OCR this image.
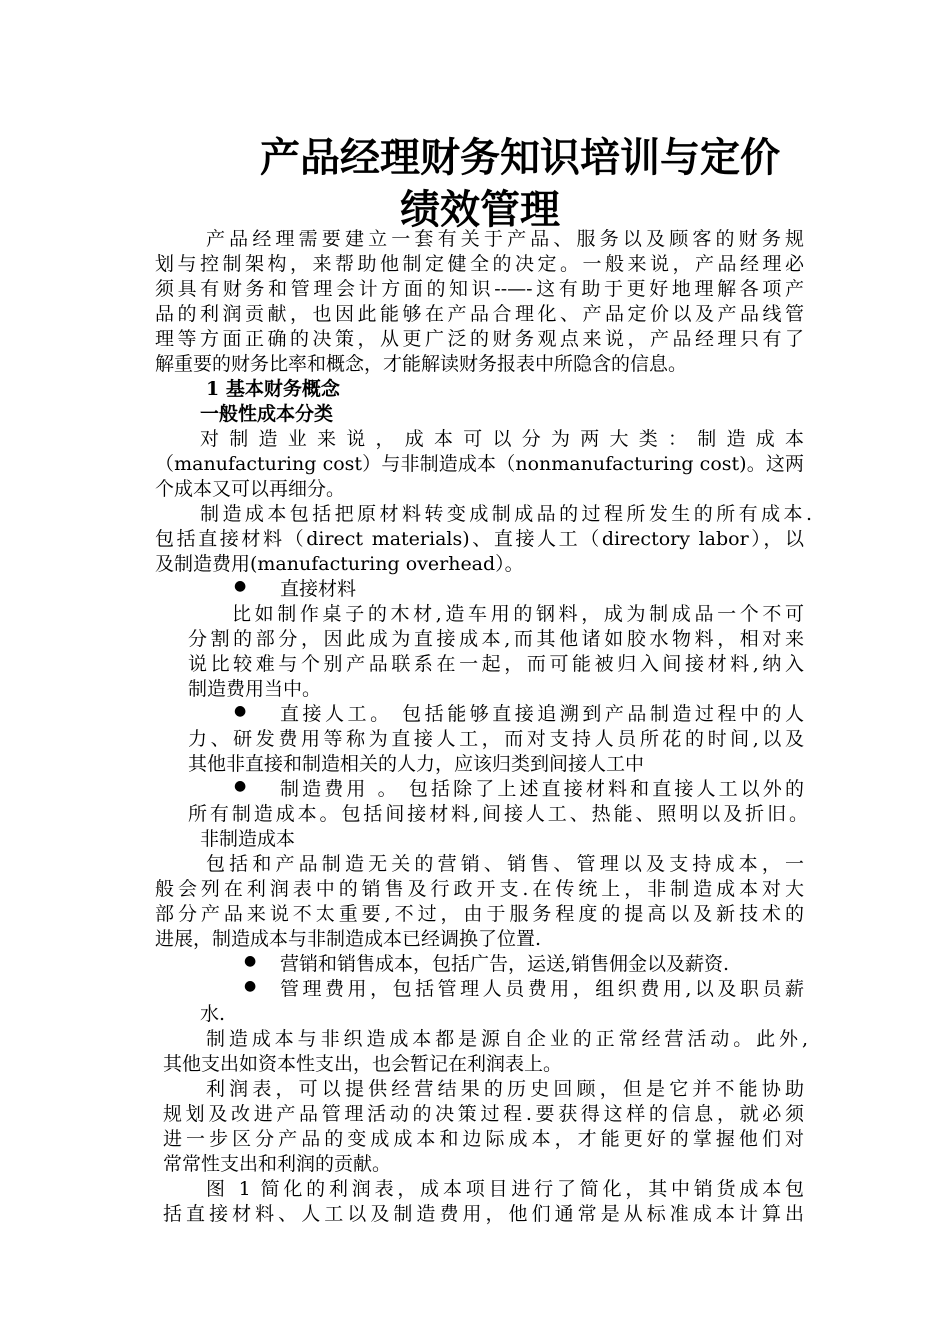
产品经理财务知识培训与定价
绩效管理
产品经理需要建立一套有关于产品、服务以及顾客的财务规
划与控制架构，来帮助他制定健全的决定。一般来说，产品经理必
须具有财务和管理会计方面的知识--—-这有助于更好地理解各项产
品的利润贡献，也因此能够在产品合理化、产品定价以及产品线管
理等方面正确的决策，从更广泛的财务观点来说，产品经理只有了
解重要的财务比率和概念，才能解读财务报表中所隐含的信息。
1 基本财务概念
一般性成本分类
对 制 造 业 来 说 ， 成 本 可 以 分 为 两 大 类 ： 制 造 成 本
（manufacturing cost）与非制造成本（nonmanufacturing cost)。这两
个成本又可以再细分。
制造成本包括把原材料转变成制成品的过程所发生的所有成本.
包括直接材料（direct materials)、直接人工（directory labor），以
及制造费用(manufacturing overhead）。
● 直接材料
比如制作桌子的木材,造车用的钢料，成为制成品一个不可
分割的部分，因此成为直接成本,而其他诸如胶水物料，相对来
说比较难与个别产品联系在一起，而可能被归入间接材料,纳入
制造费用当中。
● 直接人工。 包括能够直接追溯到产品制造过程中的人
力、研发费用等称为直接人工，而对支持人员所花的时间,以及
其他非直接和制造相关的人力，应该归类到间接人工中
● 制造费用 。 包括除了上述直接材料和直接人工以外的
所有制造成本。包括间接材料,间接人工、热能、照明以及折旧。
非制造成本
包括和产品制造无关的营销、销售、管理以及支持成本，一
般会列在利润表中的销售及行政开支.在传统上，非制造成本对大
部分产品来说不太重要,不过，由于服务程度的提高以及新技术的
进展，制造成本与非制造成本已经调换了位置.
● 营销和销售成本，包括广告，运送,销售佣金以及薪资.
● 管理费用，包括管理人员费用，组织费用,以及职员薪
水.
制造成本与非织造成本都是源自企业的正常经营活动。此外,
其他支出如资本性支出，也会暂记在利润表上。
利润表，可以提供经营结果的历史回顾，但是它并不能协助
规划及改进产品管理活动的决策过程.要获得这样的信息，就必须
进一步区分产品的变成成本和边际成本，才能更好的掌握他们对
常常性支出和利润的贡献。
图 1 简化的利润表，成本项目进行了简化，其中销货成本包
括直接材料、人工以及制造费用，他们通常是从标准成本计算出
